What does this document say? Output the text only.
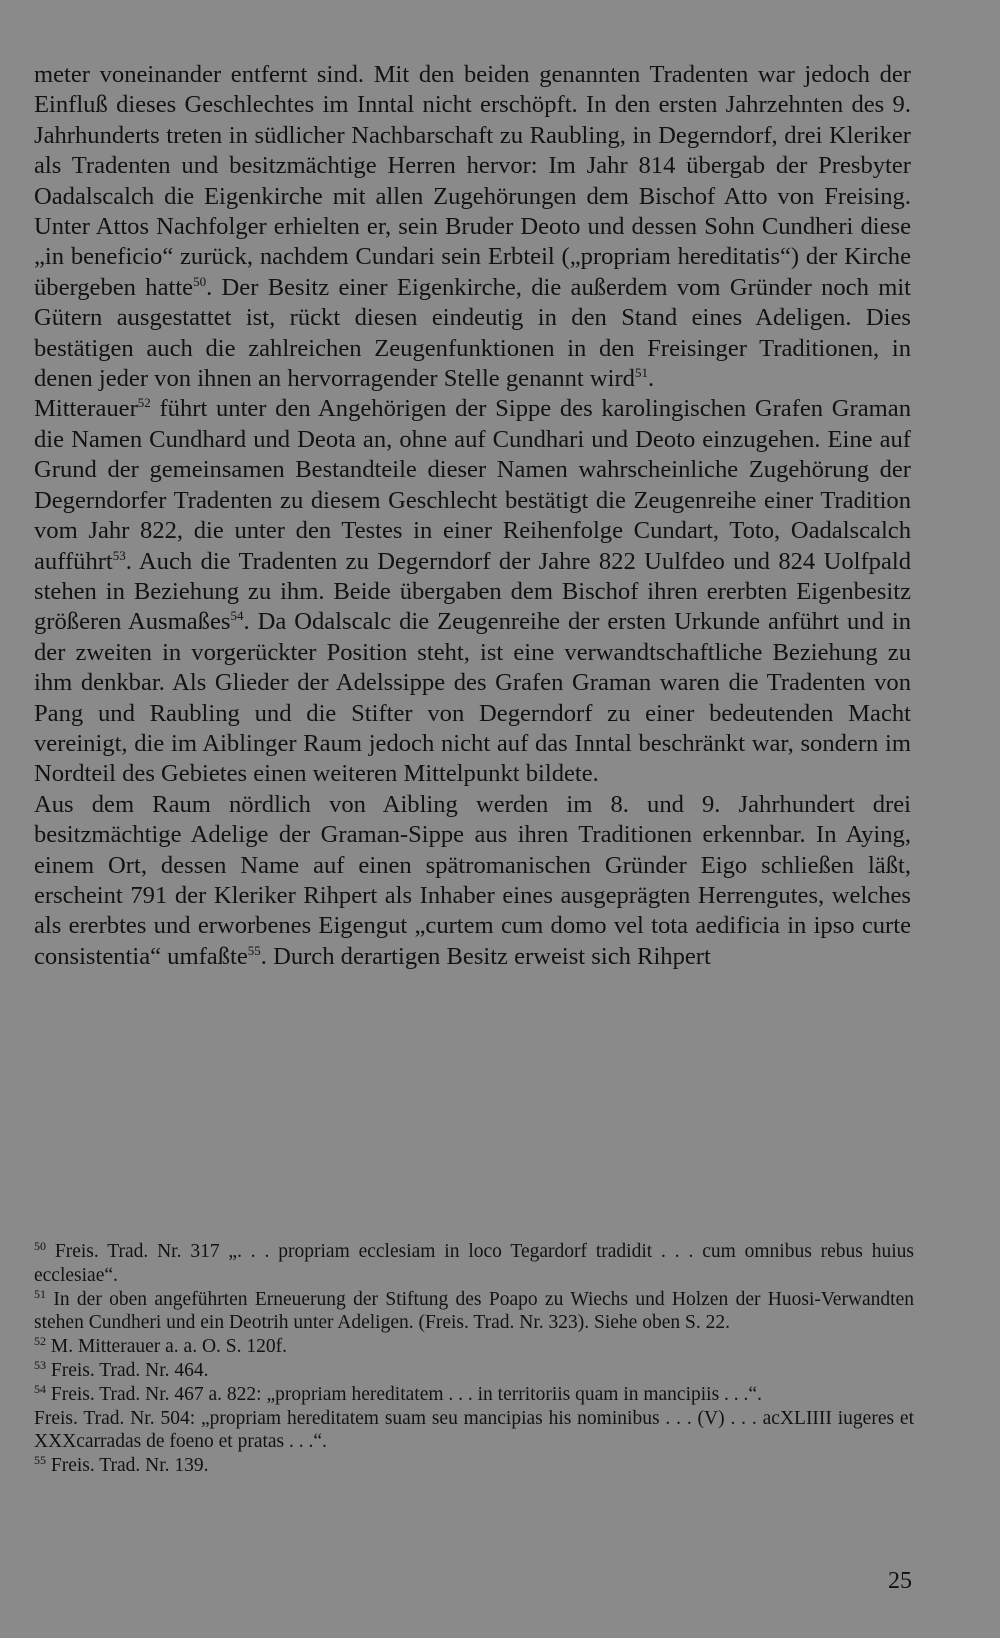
meter voneinander entfernt sind. Mit den beiden genannten Tradenten war jedoch der Einfluß dieses Geschlechtes im Inntal nicht erschöpft. In den ersten Jahrzehnten des 9. Jahrhunderts treten in südlicher Nachbarschaft zu Raubling, in Degerndorf, drei Kleriker als Tradenten und besitzmächtige Herren hervor: Im Jahr 814 übergab der Presbyter Oadalscalch die Eigenkirche mit allen Zugehörungen dem Bischof Atto von Freising. Unter Attos Nachfolger erhielten er, sein Bruder Deoto und dessen Sohn Cundheri diese „in beneficio“ zurück, nachdem Cundari sein Erbteil („propriam hereditatis“) der Kirche übergeben hatte$^{50}$. Der Besitz einer Eigenkirche, die außerdem vom Gründer noch mit Gütern ausgestattet ist, rückt diesen eindeutig in den Stand eines Adeligen. Dies bestätigen auch die zahlreichen Zeugenfunktionen in den Freisinger Traditionen, in denen jeder von ihnen an hervorragender Stelle genannt wird$^{51}$.

Mitterauer$^{52}$ führt unter den Angehörigen der Sippe des karolingischen Grafen Graman die Namen Cundhard und Deota an, ohne auf Cundhari und Deoto einzugehen. Eine auf Grund der gemeinsamen Bestandteile dieser Namen wahrscheinliche Zugehörung der Degerndorfer Tradenten zu diesem Geschlecht bestätigt die Zeugenreihe einer Tradition vom Jahr 822, die unter den Testes in einer Reihenfolge Cundart, Toto, Oadalscalch aufführt$^{53}$. Auch die Tradenten zu Degerndorf der Jahre 822 Uulfdeo und 824 Uolfpald stehen in Beziehung zu ihm. Beide übergaben dem Bischof ihren ererbten Eigenbesitz größeren Ausmaßes$^{54}$. Da Odalscalc die Zeugenreihe der ersten Urkunde anführt und in der zweiten in vorgerückter Position steht, ist eine verwandtschaftliche Beziehung zu ihm denkbar. Als Glieder der Adelssippe des Grafen Graman waren die Tradenten von Pang und Raubling und die Stifter von Degerndorf zu einer bedeutenden Macht vereinigt, die im Aiblinger Raum jedoch nicht auf das Inntal beschränkt war, sondern im Nordteil des Gebietes einen weiteren Mittelpunkt bildete.

Aus dem Raum nördlich von Aibling werden im 8. und 9. Jahrhundert drei besitzmächtige Adelige der Graman-Sippe aus ihren Traditionen erkennbar. In Aying, einem Ort, dessen Name auf einen spätromanischen Gründer Eigo schließen läßt, erscheint 791 der Kleriker Rihpert als Inhaber eines ausgeprägten Herrengutes, welches als ererbtes und erworbenes Eigengut „curtem cum domo vel tota aedificia in ipso curte consistentia“ umfaßte$^{55}$. Durch derartigen Besitz erweist sich Rihpert

$^{50}$ Freis. Trad. Nr. 317 „. . . propriam ecclesiam in loco Tegardorf tradidit . . . cum omnibus rebus huius ecclesiae“.

$^{51}$ In der oben angeführten Erneuerung der Stiftung des Poapo zu Wiechs und Holzen der Huosi-Verwandten stehen Cundheri und ein Deotrih unter Adeligen. (Freis. Trad. Nr. 323). Siehe oben S. 22.

$^{52}$ M. Mitterauer a. a. O. S. 120f.

$^{53}$ Freis. Trad. Nr. 464.

$^{54}$ Freis. Trad. Nr. 467 a. 822: „propriam hereditatem . . . in territoriis quam in mancipiis . . .“.

Freis. Trad. Nr. 504: „propriam hereditatem suam seu mancipias his nominibus . . . (V) . . . acXLIIII iugeres et XXXcarradas de foeno et pratas . . .“.

$^{55}$ Freis. Trad. Nr. 139.

25
